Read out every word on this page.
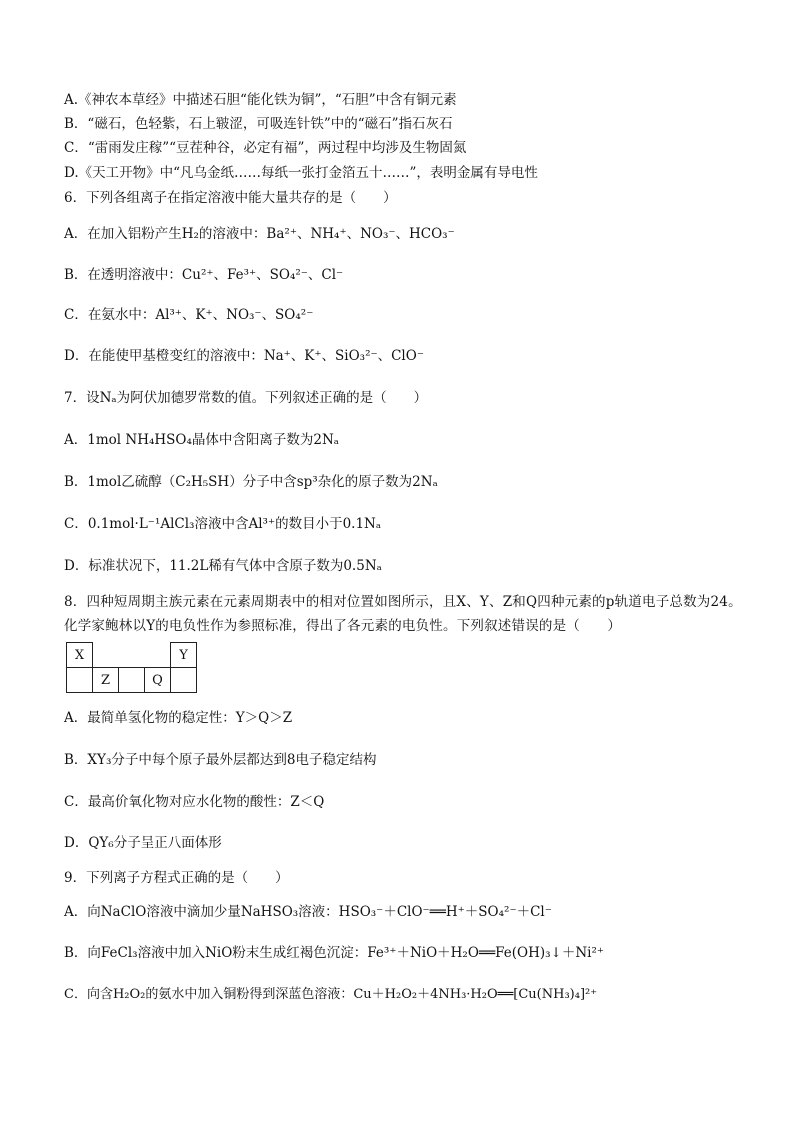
A.《神农本草经》中描述石胆“能化铁为铜”，“石胆”中含有铜元素
B．“磁石，色轻紫，石上皲涩，可吸连针铁”中的“磁石”指石灰石
C．“雷雨发庄稼”“豆茬种谷，必定有福”，两过程中均涉及生物固氮
D.《天工开物》中“凡乌金纸……每纸一张打金箔五十……”，表明金属有导电性
6．下列各组离子在指定溶液中能大量共存的是（　　）
A．在加入铝粉产生H₂的溶液中：Ba²⁺、NH₄⁺、NO₃⁻、HCO₃⁻
B．在透明溶液中：Cu²⁺、Fe³⁺、SO₄²⁻、Cl⁻
C．在氨水中：Al³⁺、K⁺、NO₃⁻、SO₄²⁻
D．在能使甲基橙变红的溶液中：Na⁺、K⁺、SiO₃²⁻、ClO⁻
7．设Nₐ为阿伏加德罗常数的值。下列叙述正确的是（　　）
A．1mol NH₄HSO₄晶体中含阳离子数为2Nₐ
B．1mol乙硫醇（C₂H₅SH）分子中含sp³杂化的原子数为2Nₐ
C．0.1mol·L⁻¹AlCl₃溶液中含Al³⁺的数目小于0.1Nₐ
D．标准状况下，11.2L稀有气体中含原子数为0.5Nₐ
8．四种短周期主族元素在元素周期表中的相对位置如图所示，且X、Y、Z和Q四种元素的p轨道电子总数为24。化学家鲍林以Y的电负性作为参照标准，得出了各元素的电负性。下列叙述错误的是（　　）
X				Y
	Z		Q	
A．最简单氢化物的稳定性：Y＞Q＞Z
B．XY₃分子中每个原子最外层都达到8电子稳定结构
C．最高价氧化物对应水化物的酸性：Z＜Q
D．QY₆分子呈正八面体形
9．下列离子方程式正确的是（　　）
A．向NaClO溶液中滴加少量NaHSO₃溶液：HSO₃⁻＋ClO⁻══H⁺＋SO₄²⁻＋Cl⁻
B．向FeCl₃溶液中加入NiO粉末生成红褐色沉淀：Fe³⁺＋NiO＋H₂O══Fe(OH)₃↓＋Ni²⁺
C．向含H₂O₂的氨水中加入铜粉得到深蓝色溶液：Cu＋H₂O₂＋4NH₃·H₂O══[Cu(NH₃)₄]²⁺
